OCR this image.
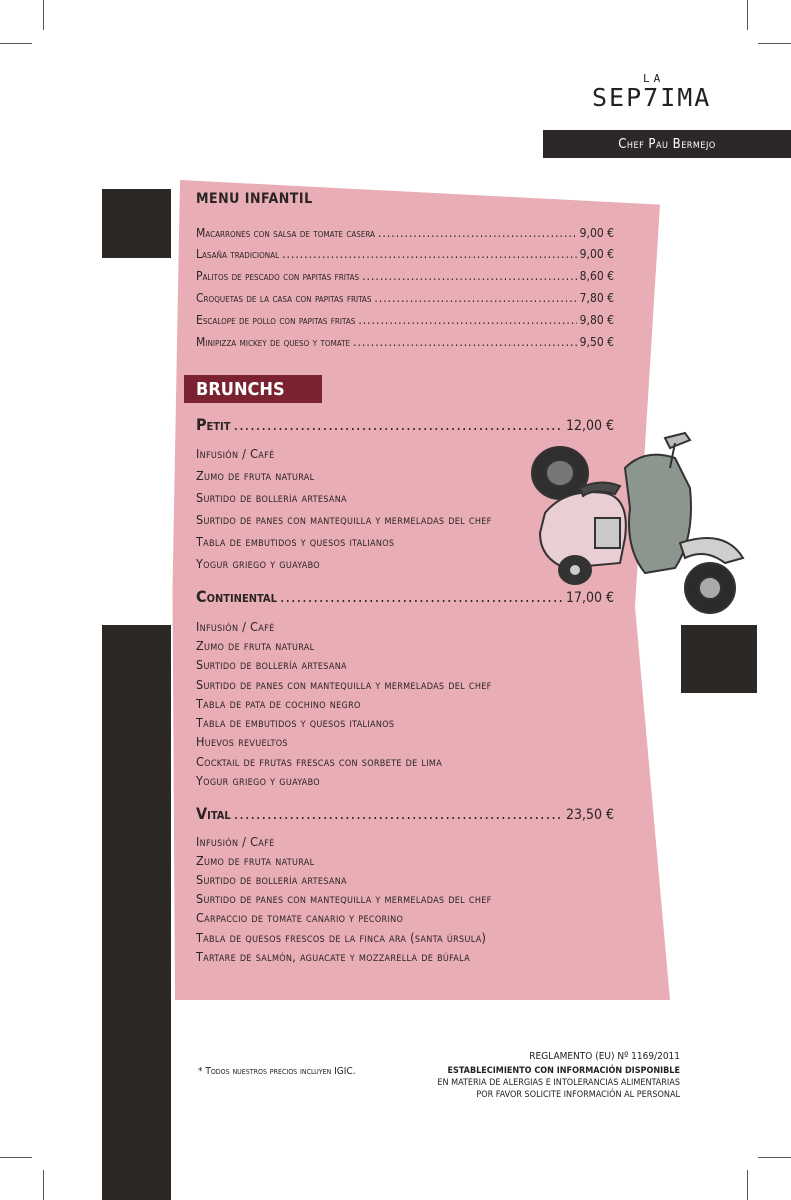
LA
SEP7IMA
Chef Pau Bermejo
MENU INFANTIL
Macarrones con salsa de tomate casera .....	9,00 €
Lasaña tradicional .....	9,00 €
Palitos de pescado con papitas fritas .....	8,60 €
Croquetas de la casa con papitas fritas .....	7,80 €
Escalope de pollo con papitas fritas .....	9,80 €
Minipizza mickey de queso y tomate .....	9,50 €
BRUNCHS
Petit .....	12,00 €
Infusión / Café
Zumo de fruta natural
Surtido de bollería artesana
Surtido de panes con mantequilla y mermeladas del chef
Tabla de embutidos y quesos italianos
Yogur griego y guayabo
Continental .....	17,00 €
Infusión / Café
Zumo de fruta natural
Surtido de bollería artesana
Surtido de panes con mantequilla y mermeladas del chef
Tabla de pata de cochino negro
Tabla de embutidos y quesos italianos
Huevos revueltos
Cocktail de frutas frescas con sorbete de lima
Yogur griego y guayabo
Vital .....	23,50 €
Infusión / Café
Zumo de fruta natural
Surtido de bollería artesana
Surtido de panes con mantequilla y mermeladas del chef
Carpaccio de tomate canario y pecorino
Tabla de quesos frescos de la finca ara (santa úrsula)
Tartare de salmón, aguacate y mozzarella de búfala
* Todos nuestros precios incluyen IGIC.
REGLAMENTO (EU) Nº 1169/2011
ESTABLECIMIENTO CON INFORMACIÓN DISPONIBLE
EN MATERIA DE ALERGIAS E INTOLERANCIAS ALIMENTARIAS
POR FAVOR SOLICITE INFORMACIÓN AL PERSONAL
